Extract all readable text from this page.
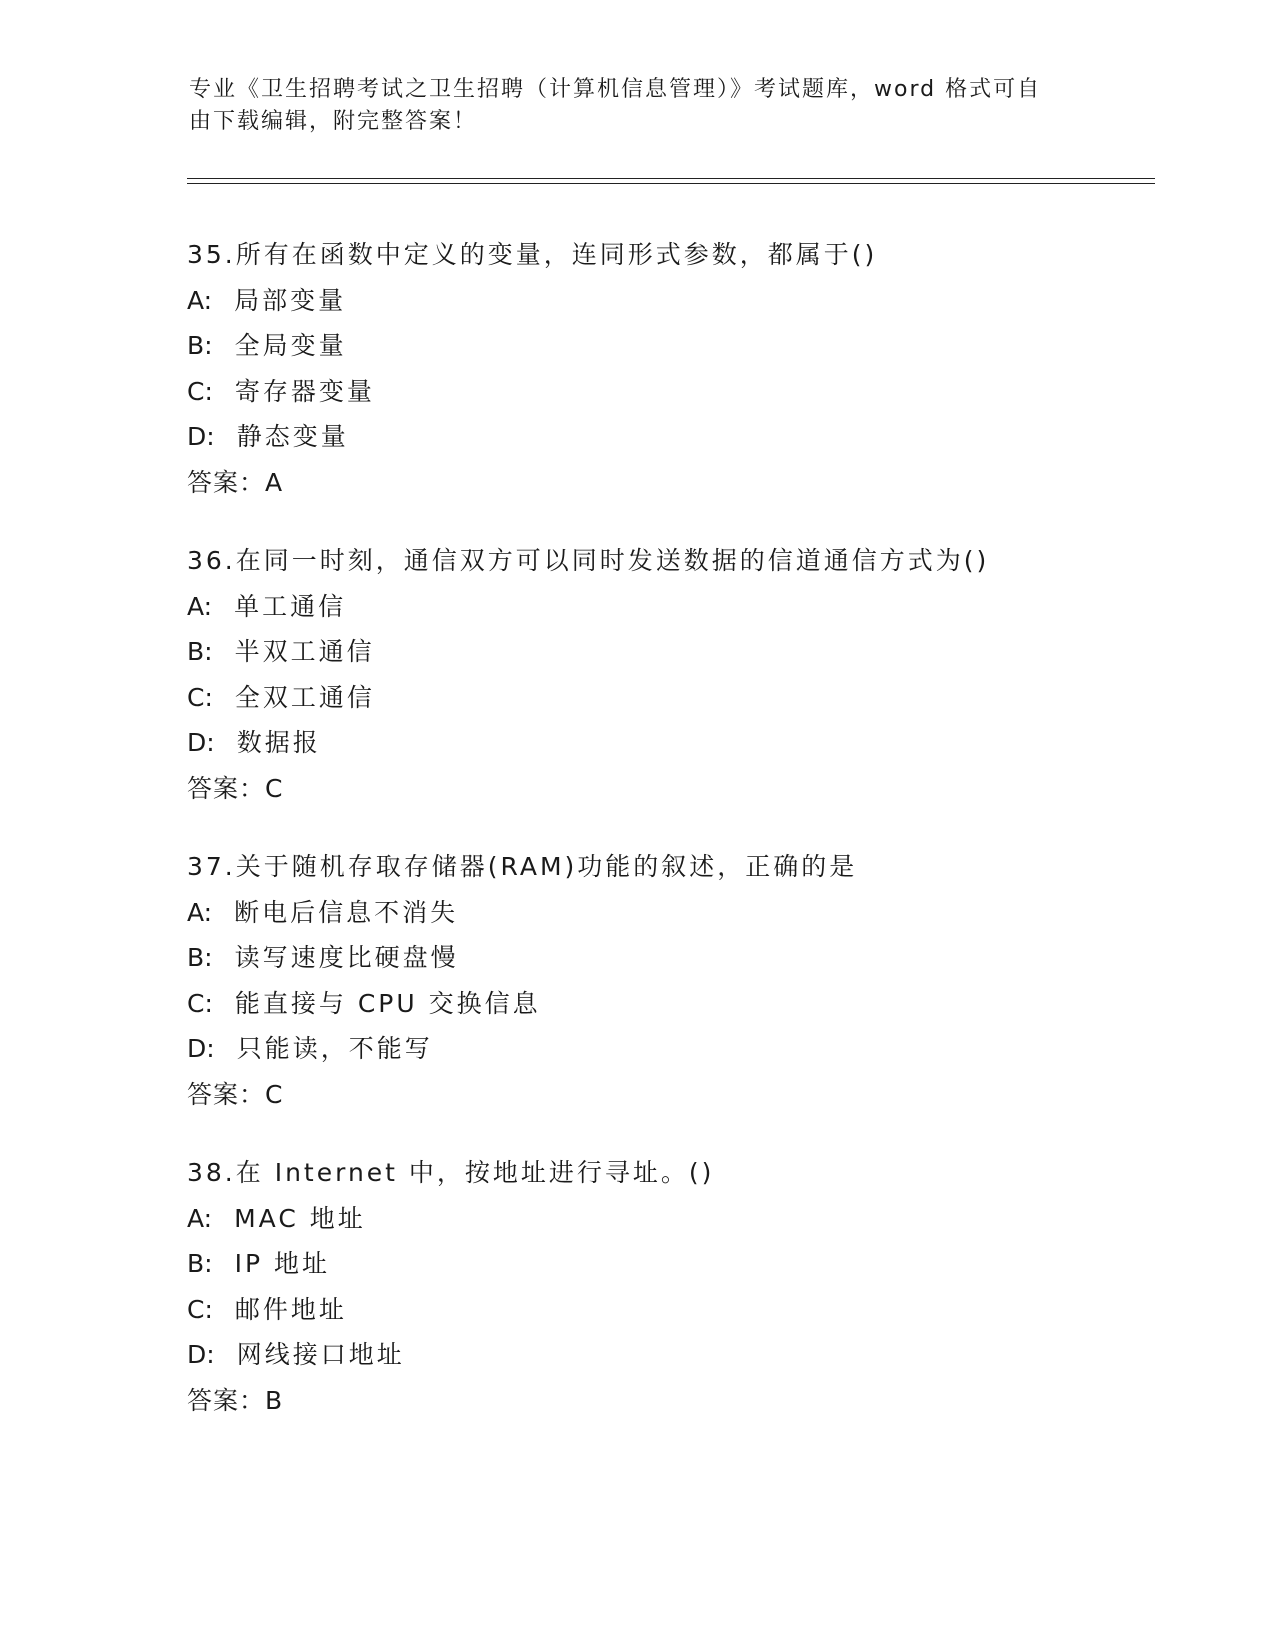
专业《卫生招聘考试之卫生招聘（计算机信息管理）》考试题库，word 格式可自
由下载编辑，附完整答案！
35.所有在函数中定义的变量，连同形式参数，都属于()
A: 局部变量
B: 全局变量
C: 寄存器变量
D: 静态变量
答案：A
36.在同一时刻，通信双方可以同时发送数据的信道通信方式为()
A: 单工通信
B: 半双工通信
C: 全双工通信
D: 数据报
答案：C
37.关于随机存取存储器(RAM)功能的叙述，正确的是
A: 断电后信息不消失
B: 读写速度比硬盘慢
C: 能直接与 CPU 交换信息
D: 只能读，不能写
答案：C
38.在 Internet 中，按地址进行寻址。()
A: MAC 地址
B: IP 地址
C: 邮件地址
D: 网线接口地址
答案：B
